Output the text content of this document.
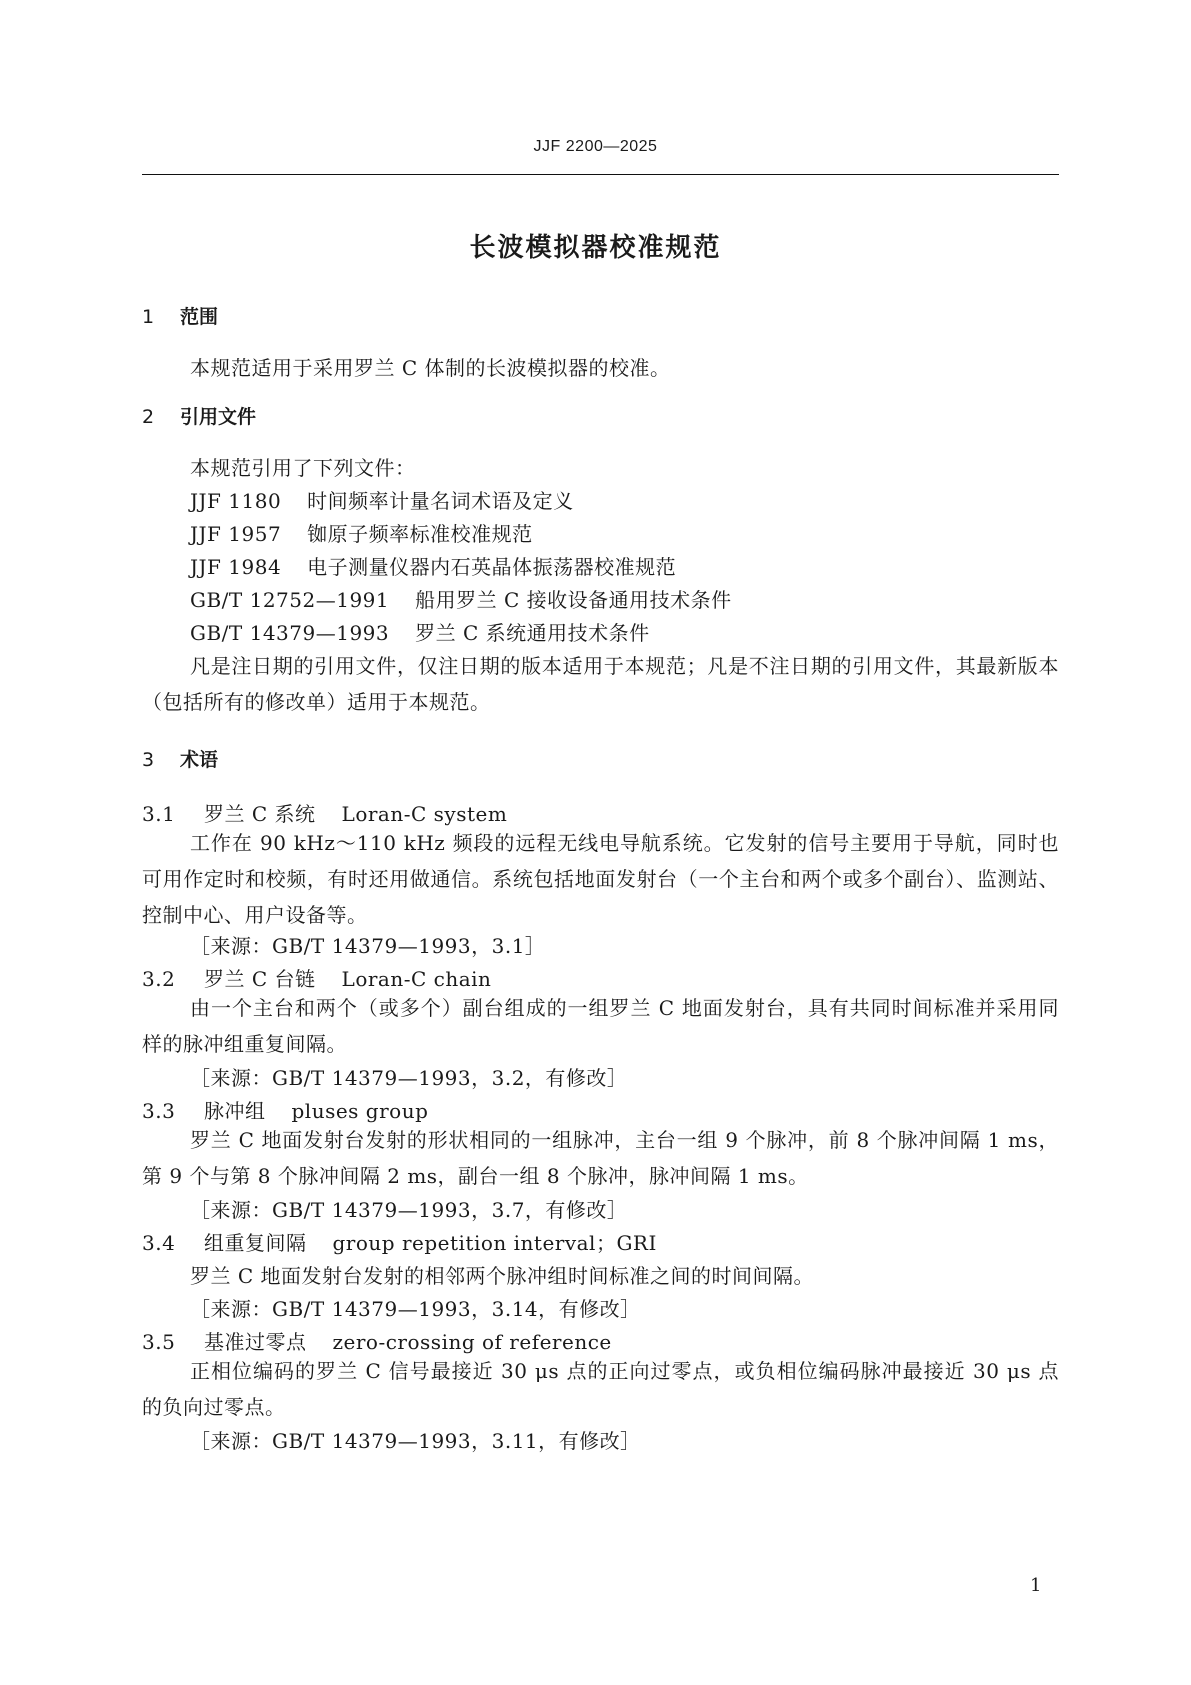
JJF 2200—2025
长波模拟器校准规范
1 范围
本规范适用于采用罗兰 C 体制的长波模拟器的校准。
2 引用文件
本规范引用了下列文件：
JJF 1180 时间频率计量名词术语及定义
JJF 1957 铷原子频率标准校准规范
JJF 1984 电子测量仪器内石英晶体振荡器校准规范
GB/T 12752—1991 船用罗兰 C 接收设备通用技术条件
GB/T 14379—1993 罗兰 C 系统通用技术条件
凡是注日期的引用文件，仅注日期的版本适用于本规范；凡是不注日期的引用文件，其最新版本（包括所有的修改单）适用于本规范。
3 术语
3.1 罗兰 C 系统 Loran-C system
工作在 90 kHz～110 kHz 频段的远程无线电导航系统。它发射的信号主要用于导航，同时也可用作定时和校频，有时还用做通信。系统包括地面发射台（一个主台和两个或多个副台）、监测站、控制中心、用户设备等。
［来源：GB/T 14379—1993，3.1］
3.2 罗兰 C 台链 Loran-C chain
由一个主台和两个（或多个）副台组成的一组罗兰 C 地面发射台，具有共同时间标准并采用同样的脉冲组重复间隔。
［来源：GB/T 14379—1993，3.2，有修改］
3.3 脉冲组 pluses group
罗兰 C 地面发射台发射的形状相同的一组脉冲，主台一组 9 个脉冲，前 8 个脉冲间隔 1 ms，第 9 个与第 8 个脉冲间隔 2 ms，副台一组 8 个脉冲，脉冲间隔 1 ms。
［来源：GB/T 14379—1993，3.7，有修改］
3.4 组重复间隔 group repetition interval；GRI
罗兰 C 地面发射台发射的相邻两个脉冲组时间标准之间的时间间隔。
［来源：GB/T 14379—1993，3.14，有修改］
3.5 基准过零点 zero-crossing of reference
正相位编码的罗兰 C 信号最接近 30 μs 点的正向过零点，或负相位编码脉冲最接近 30 μs 点的负向过零点。
［来源：GB/T 14379—1993，3.11，有修改］
1
